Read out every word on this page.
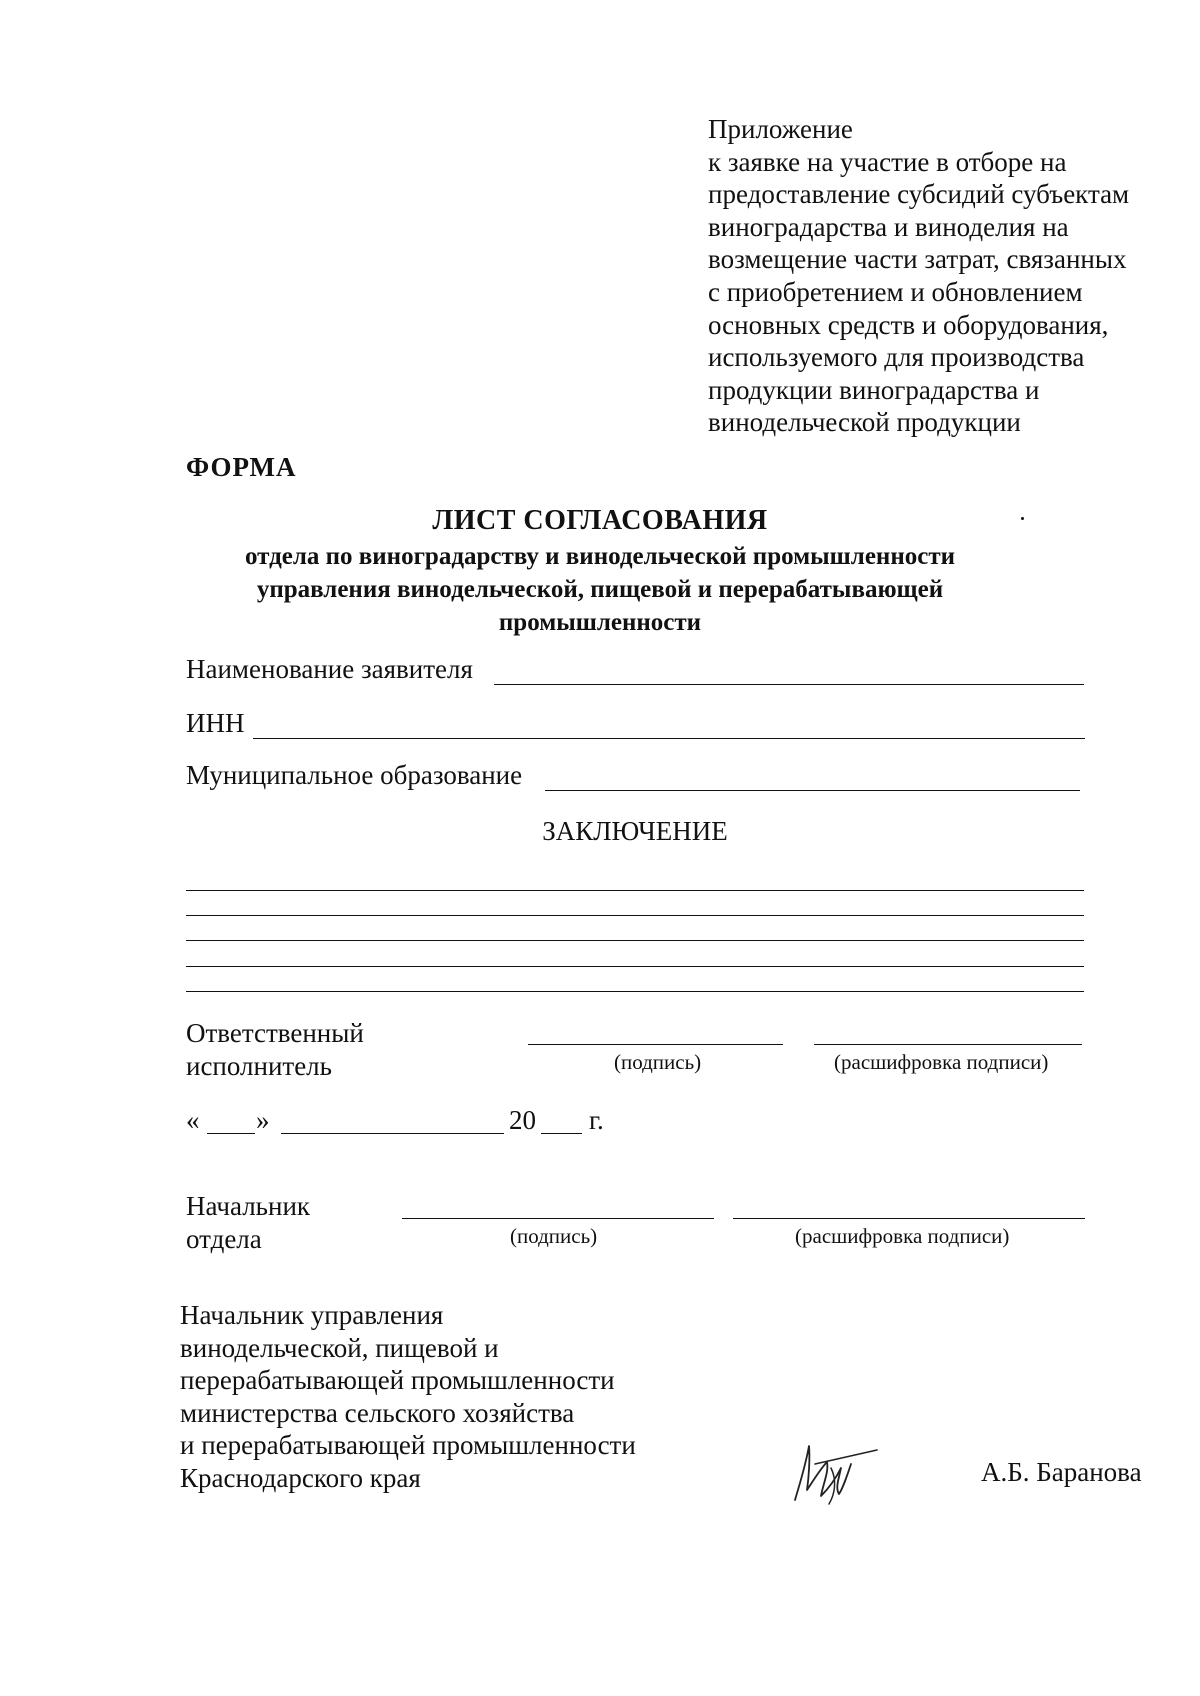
Приложение
к заявке на участие в отборе на
предоставление субсидий субъектам
виноградарства и виноделия на
возмещение части затрат, связанных
с приобретением и обновлением
основных средств и оборудования,
используемого для производства
продукции виноградарства и
винодельческой продукции
ФОРМА
ЛИСТ СОГЛАСОВАНИЯ
отдела по виноградарству и винодельческой промышленности
управления винодельческой, пищевой и перерабатывающей
промышленности
Наименование заявителя
ИНН
Муниципальное образование
ЗАКЛЮЧЕНИЕ
Ответственный
исполнитель	(подпись)	(расшифровка подписи)
« »	20 г.
Начальник
отдела	(подпись)	(расшифровка подписи)
Начальник управления
винодельческой, пищевой и
перерабатывающей промышленности
министерства сельского хозяйства
и перерабатывающей промышленности
Краснодарского края	А.Б. Баранова
